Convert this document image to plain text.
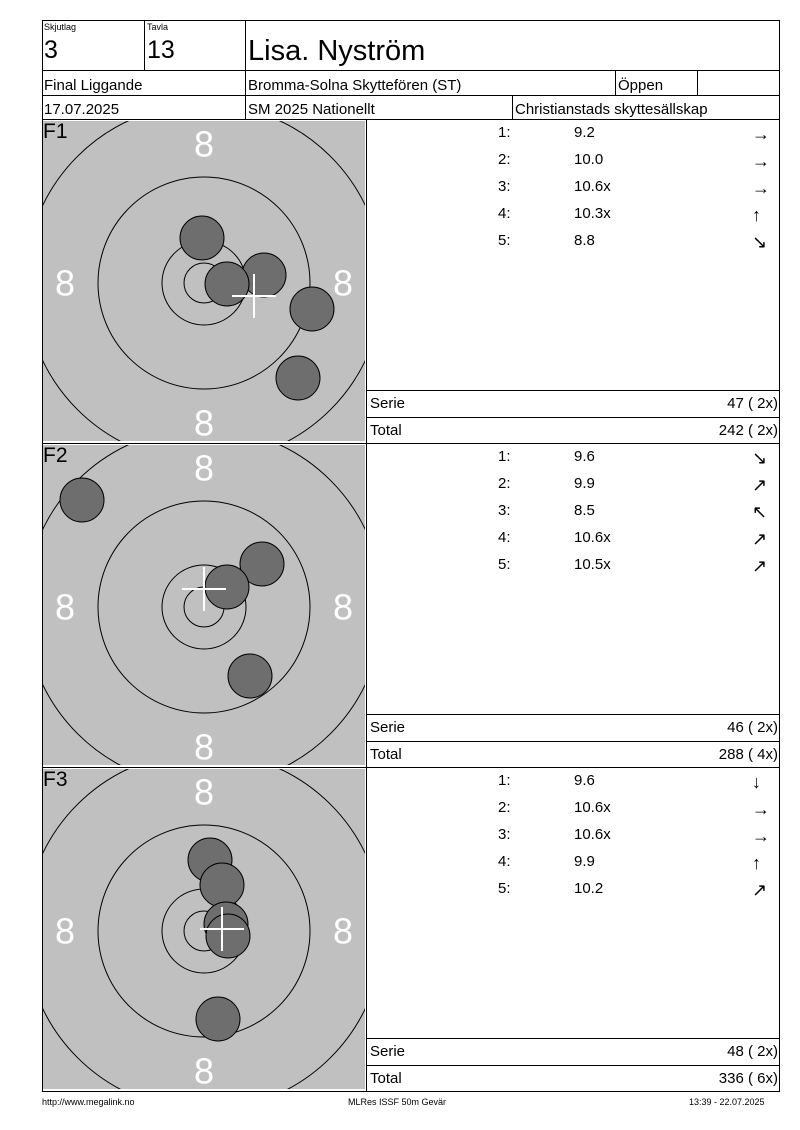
Skjutlag
3
Tavla
13	Lisa. Nyström
Final Liggande	Bromma-Solna Skyttefören (ST)	Öppen
17.07.2025	SM 2025 Nationellt	Christianstads skyttesällskap
8
8
8	8
F1	1:	9.2	→
2:	10.0	→
3:	10.6x	→
4:	10.3x	↑
5:	8.8	↘
Serie	47 ( 2x)
Total	242 ( 2x)
8
8
8	8
F2	1:	9.6	↘
2:	9.9	↗
3:	8.5	↖
4:	10.6x	↗
5:	10.5x	↗
Serie	46 ( 2x)
Total	288 ( 4x)
8
8
8	8
F3	1:	9.6	↓
2:	10.6x	→
3:	10.6x	→
4:	9.9	↑
5:	10.2	↗
Serie	48 ( 2x)
Total	336 ( 6x)
http://www.megalink.no	MLRes ISSF 50m Gevär	13:39 - 22.07.2025
